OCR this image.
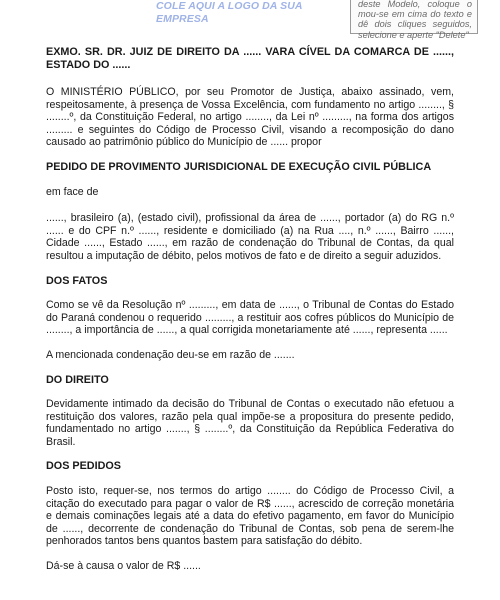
COLE AQUI A LOGO DA SUA EMPRESA
deste Modelo, coloque o mou-se em cima do texto e dê dois cliques seguidos, selecione e aperte "Delete"

EXMO. SR. DR. JUIZ DE DIREITO DA ...... VARA CÍVEL DA COMARCA DE ......, ESTADO DO ......

O MINISTÉRIO PÚBLICO, por seu Promotor de Justiça, abaixo assinado, vem, respeitosamente, à presença de Vossa Excelência, com fundamento no artigo ........, § ........º, da Constituição Federal, no artigo ........, da Lei nº ........., na forma dos artigos ......... e seguintes do Código de Processo Civil, visando a recomposição do dano causado ao patrimônio público do Município de ...... propor

PEDIDO DE PROVIMENTO JURISDICIONAL DE EXECUÇÃO CIVIL PÚBLICA

em face de

......, brasileiro (a), (estado civil), profissional da área de ......, portador (a) do RG n.º ...... e do CPF n.º ......, residente e domiciliado (a) na Rua ...., n.º ......, Bairro ......, Cidade ......, Estado ......, em razão de condenação do Tribunal de Contas, da qual resultou a imputação de débito, pelos motivos de fato e de direito a seguir aduzidos.

DOS FATOS

Como se vê da Resolução nº ........., em data de ......, o Tribunal de Contas do Estado do Paraná condenou o requerido ........., a restituir aos cofres públicos do Município de ........, a importância de ......, a qual corrigida monetariamente até ......, representa ......

A mencionada condenação deu-se em razão de .......

DO DIREITO

Devidamente intimado da decisão do Tribunal de Contas o executado não efetuou a restituição dos valores, razão pela qual impõe-se a propositura do presente pedido, fundamentado no artigo ......., § ........º, da Constituição da República Federativa do Brasil.

DOS PEDIDOS

Posto isto, requer-se, nos termos do artigo ........ do Código de Processo Civil, a citação do executado para pagar o valor de R$ ......, acrescido de correção monetária e demais cominações legais até a data do efetivo pagamento, em favor do Município de ......, decorrente de condenação do Tribunal de Contas, sob pena de serem-lhe penhorados tantos bens quantos bastem para satisfação do débito.

Dá-se à causa o valor de R$ ......
